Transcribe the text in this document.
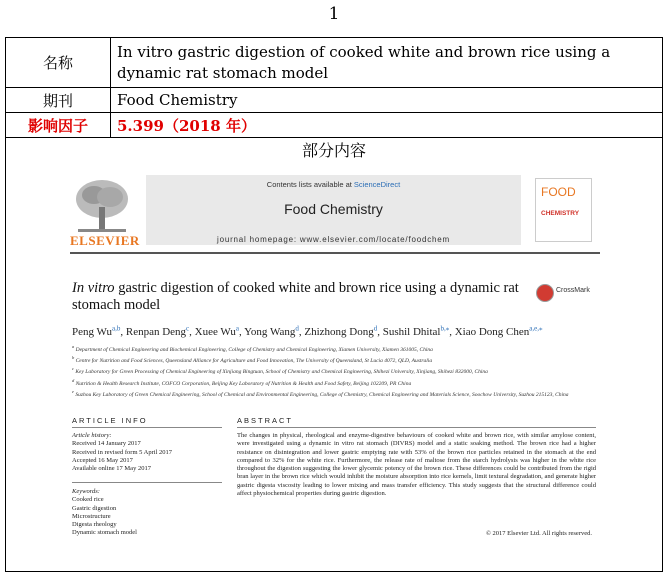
1
名称	In vitro gastric digestion of cooked white and brown rice using a dynamic rat stomach model
期刊	Food Chemistry
影响因子	5.399（2018 年）
部分内容
ELSEVIER
Contents lists available at ScienceDirect
Food Chemistry
journal homepage: www.elsevier.com/locate/foodchem
FOOD
CHEMISTRY
In vitro gastric digestion of cooked white and brown rice using a dynamic rat stomach model
CrossMark
Peng Wu$^{a,b}$, Renpan Deng$^c$, Xuee Wu$^a$, Yong Wang$^d$, Zhizhong Dong$^d$, Sushil Dhital$^{b,⁎}$, Xiao Dong Chen$^{a,e,⁎}$
$^a$ Department of Chemical Engineering and Biochemical Engineering, College of Chemistry and Chemical Engineering, Xiamen University, Xiamen 361005, China
$^b$ Centre for Nutrition and Food Sciences, Queensland Alliance for Agriculture and Food Innovation, The University of Queensland, St Lucia 4072, QLD, Australia
$^c$ Key Laboratory for Green Processing of Chemical Engineering of Xinjiang Bingtuan, School of Chemistry and Chemical Engineering, Shihezi University, Xinjiang, Shihezi 832000, China
$^d$ Nutrition & Health Research Institute, COFCO Corporation, Beijing Key Laboratory of Nutrition & Health and Food Safety, Beijing 102209, PR China
$^e$ Suzhou Key Laboratory of Green Chemical Engineering, School of Chemical and Environmental Engineering, College of Chemistry, Chemical Engineering and Materials Science, Soochow University, Suzhou 215123, China
ARTICLE INFO	ABSTRACT
Article history:
Received 14 January 2017
Received in revised form 5 April 2017
Accepted 16 May 2017
Available online 17 May 2017
Keywords:
Cooked rice
Gastric digestion
Microstructure
Digesta rheology
Dynamic stomach model
The changes in physical, rheological and enzyme-digestive behaviours of cooked white and brown rice, with similar amylose content, were investigated using a dynamic in vitro rat stomach (DIVRS) model and a static soaking method. The brown rice had a higher resistance on disintegration and lower gastric emptying rate with 53% of the brown rice particles retained in the stomach at the end compared to 32% for the white rice. Furthermore, the release rate of maltose from the starch hydrolysis was higher in the white rice throughout the digestion suggesting the lower glycemic potency of the brown rice. These differences could be contributed from the rigid bran layer in the brown rice which would inhibit the moisture absorption into rice kernels, limit textural degradation, and generate higher gastric digesta viscosity leading to lower mixing and mass transfer efficiency. This study suggests that the structural difference could affect physiochemical properties during gastric digestion.
© 2017 Elsevier Ltd. All rights reserved.
